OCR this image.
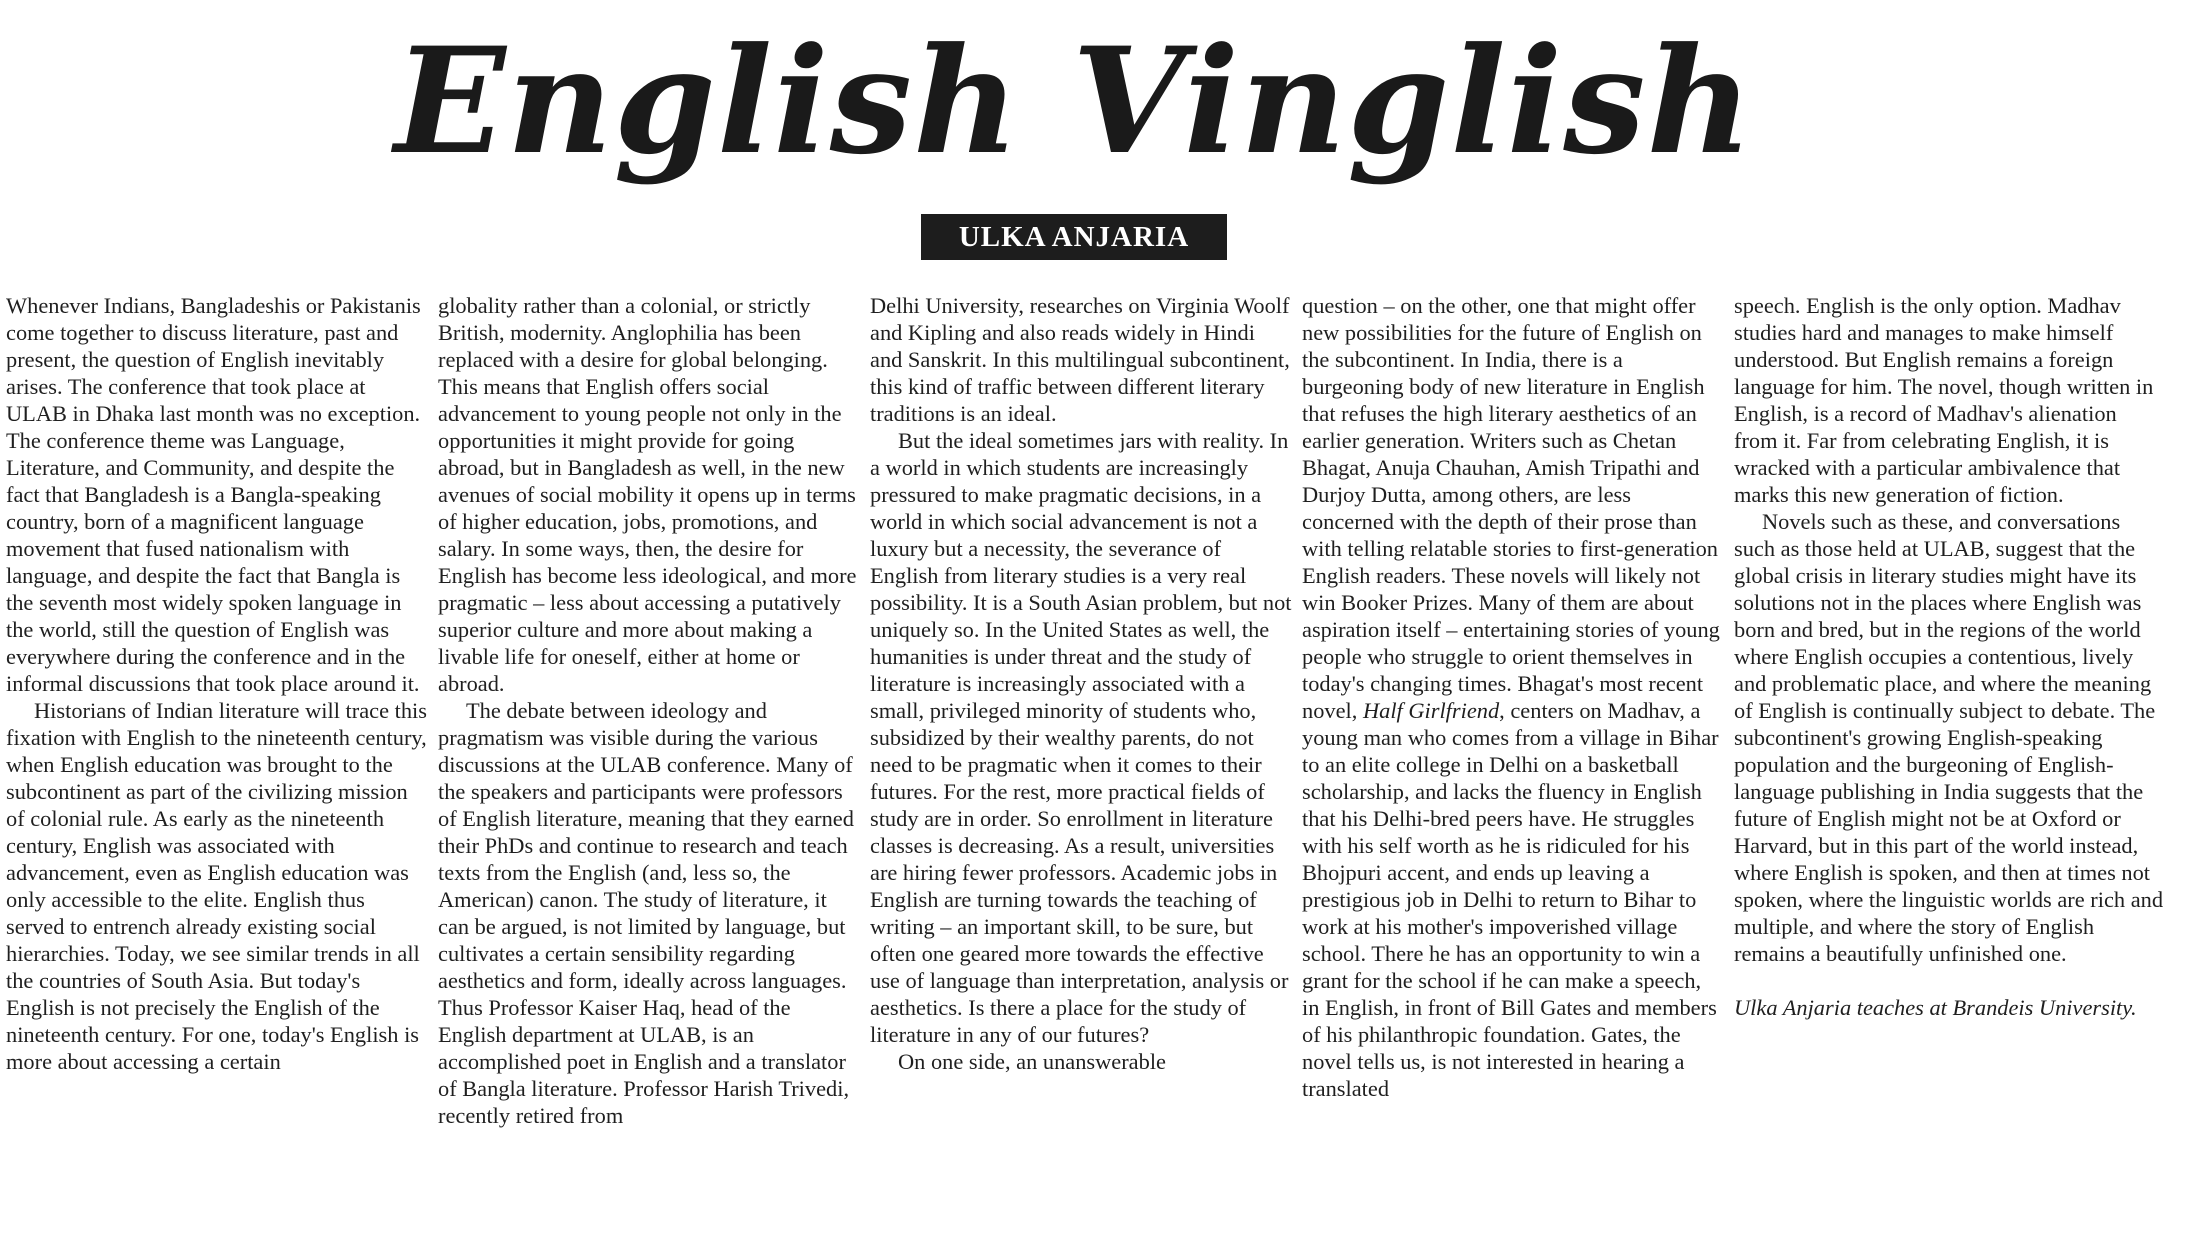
English Vinglish
ULKA ANJARIA

Whenever Indians, Bangladeshis or Pakistanis come together to discuss literature, past and present, the question of English inevitably arises. The conference that took place at ULAB in Dhaka last month was no exception. The conference theme was Language, Literature, and Community, and despite the fact that Bangladesh is a Bangla-speaking country, born of a magnificent language movement that fused nationalism with language, and despite the fact that Bangla is the seventh most widely spoken language in the world, still the question of English was everywhere during the conference and in the informal discussions that took place around it.

Historians of Indian literature will trace this fixation with English to the nineteenth century, when English education was brought to the subcontinent as part of the civilizing mission of colonial rule. As early as the nineteenth century, English was associated with advancement, even as English education was only accessible to the elite. English thus served to entrench already existing social hierarchies. Today, we see similar trends in all the countries of South Asia. But today's English is not precisely the English of the nineteenth century. For one, today's English is more about accessing a certain

globality rather than a colonial, or strictly British, modernity. Anglophilia has been replaced with a desire for global belonging. This means that English offers social advancement to young people not only in the opportunities it might provide for going abroad, but in Bangladesh as well, in the new avenues of social mobility it opens up in terms of higher education, jobs, promotions, and salary. In some ways, then, the desire for English has become less ideological, and more pragmatic – less about accessing a putatively superior culture and more about making a livable life for oneself, either at home or abroad.

The debate between ideology and pragmatism was visible during the various discussions at the ULAB conference. Many of the speakers and participants were professors of English literature, meaning that they earned their PhDs and continue to research and teach texts from the English (and, less so, the American) canon. The study of literature, it can be argued, is not limited by language, but cultivates a certain sensibility regarding aesthetics and form, ideally across languages. Thus Professor Kaiser Haq, head of the English department at ULAB, is an accomplished poet in English and a translator of Bangla literature. Professor Harish Trivedi, recently retired from

Delhi University, researches on Virginia Woolf and Kipling and also reads widely in Hindi and Sanskrit. In this multilingual subcontinent, this kind of traffic between different literary traditions is an ideal.

But the ideal sometimes jars with reality. In a world in which students are increasingly pressured to make pragmatic decisions, in a world in which social advancement is not a luxury but a necessity, the severance of English from literary studies is a very real possibility. It is a South Asian problem, but not uniquely so. In the United States as well, the humanities is under threat and the study of literature is increasingly associated with a small, privileged minority of students who, subsidized by their wealthy parents, do not need to be pragmatic when it comes to their futures. For the rest, more practical fields of study are in order. So enrollment in literature classes is decreasing. As a result, universities are hiring fewer professors. Academic jobs in English are turning towards the teaching of writing – an important skill, to be sure, but often one geared more towards the effective use of language than interpretation, analysis or aesthetics. Is there a place for the study of literature in any of our futures?

On one side, an unanswerable

question – on the other, one that might offer new possibilities for the future of English on the subcontinent. In India, there is a burgeoning body of new literature in English that refuses the high literary aesthetics of an earlier generation. Writers such as Chetan Bhagat, Anuja Chauhan, Amish Tripathi and Durjoy Dutta, among others, are less concerned with the depth of their prose than with telling relatable stories to first-generation English readers. These novels will likely not win Booker Prizes. Many of them are about aspiration itself – entertaining stories of young people who struggle to orient themselves in today's changing times. Bhagat's most recent novel, Half Girlfriend, centers on Madhav, a young man who comes from a village in Bihar to an elite college in Delhi on a basketball scholarship, and lacks the fluency in English that his Delhi-bred peers have. He struggles with his self worth as he is ridiculed for his Bhojpuri accent, and ends up leaving a prestigious job in Delhi to return to Bihar to work at his mother's impoverished village school. There he has an opportunity to win a grant for the school if he can make a speech, in English, in front of Bill Gates and members of his philanthropic foundation. Gates, the novel tells us, is not interested in hearing a translated

speech. English is the only option. Madhav studies hard and manages to make himself understood. But English remains a foreign language for him. The novel, though written in English, is a record of Madhav's alienation from it. Far from celebrating English, it is wracked with a particular ambivalence that marks this new generation of fiction.

Novels such as these, and conversations such as those held at ULAB, suggest that the global crisis in literary studies might have its solutions not in the places where English was born and bred, but in the regions of the world where English occupies a contentious, lively and problematic place, and where the meaning of English is continually subject to debate. The subcontinent's growing English-speaking population and the burgeoning of English-language publishing in India suggests that the future of English might not be at Oxford or Harvard, but in this part of the world instead, where English is spoken, and then at times not spoken, where the linguistic worlds are rich and multiple, and where the story of English remains a beautifully unfinished one.

Ulka Anjaria teaches at Brandeis University.
